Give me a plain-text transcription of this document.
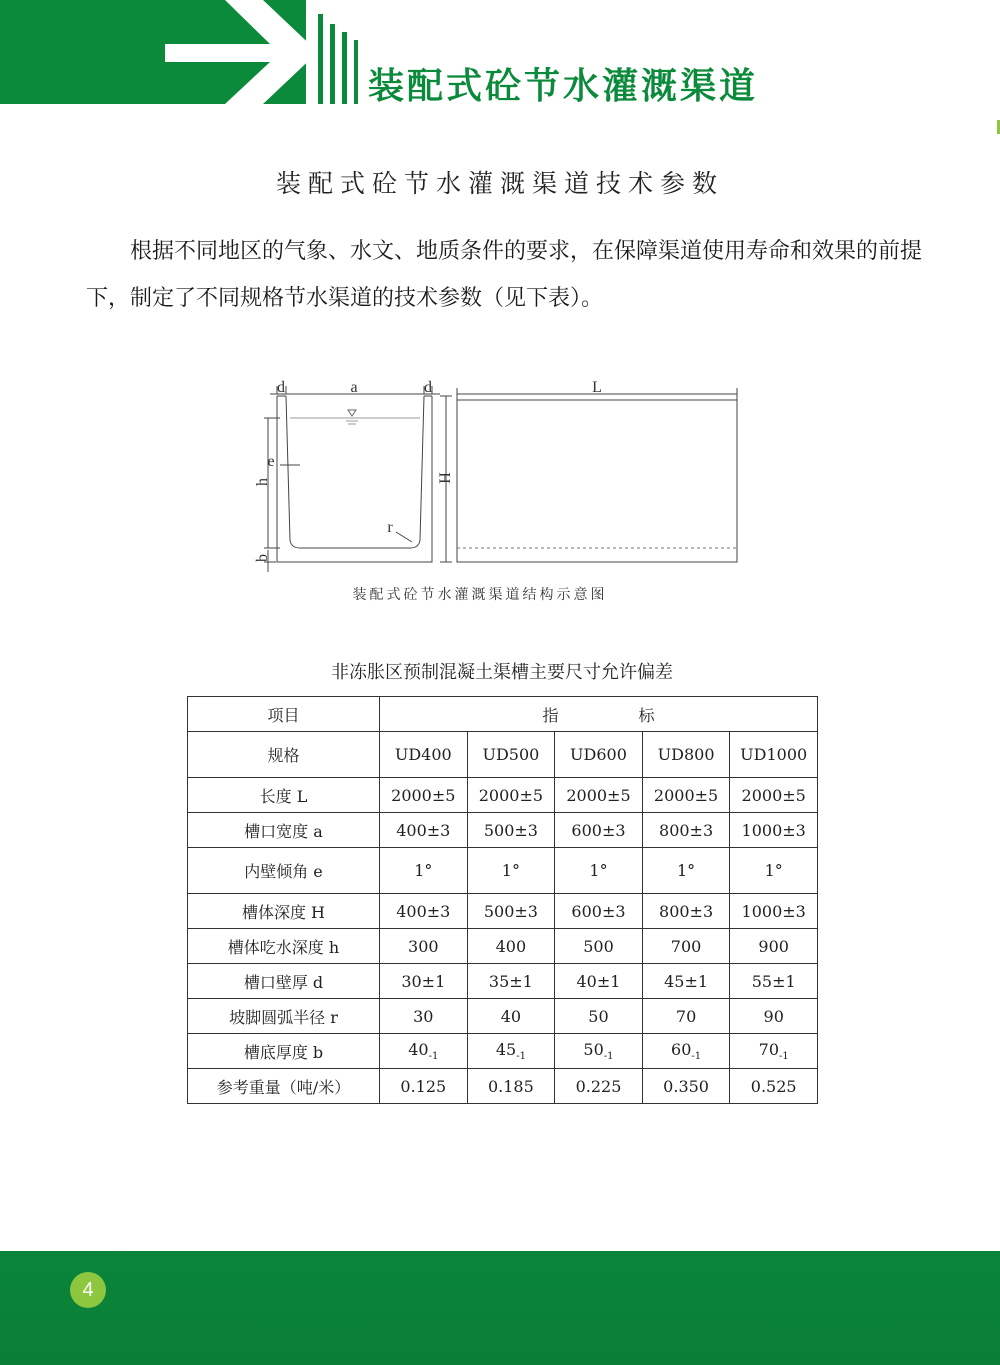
装配式砼节水灌溉渠道
装配式砼节水灌溉渠道技术参数

根据不同地区的气象、水文、地质条件的要求，在保障渠道使用寿命和效果的前提下，制定了不同规格节水渠道的技术参数（见下表）。

d	a	d	L
e
r
h
b
H
装配式砼节水灌溉渠道结构示意图
非冻胀区预制混凝土渠槽主要尺寸允许偏差
项目	指　　　　　标				
规格	UD400	UD500	UD600	UD800	UD1000
长度 L	2000±5	2000±5	2000±5	2000±5	2000±5
槽口宽度 a	400±3	500±3	600±3	800±3	1000±3
内壁倾角 e	1°	1°	1°	1°	1°
槽体深度 H	400±3	500±3	600±3	800±3	1000±3
槽体吃水深度 h	300	400	500	700	900
槽口壁厚 d	30±1	35±1	40±1	45±1	55±1
坡脚圆弧半径 r	30	40	50	70	90
槽底厚度 b	$40_{-1}$	$45_{-1}$	$50_{-1}$	$60_{-1}$	$70_{-1}$
参考重量（吨/米）	0.125	0.185	0.225	0.350	0.525
4
